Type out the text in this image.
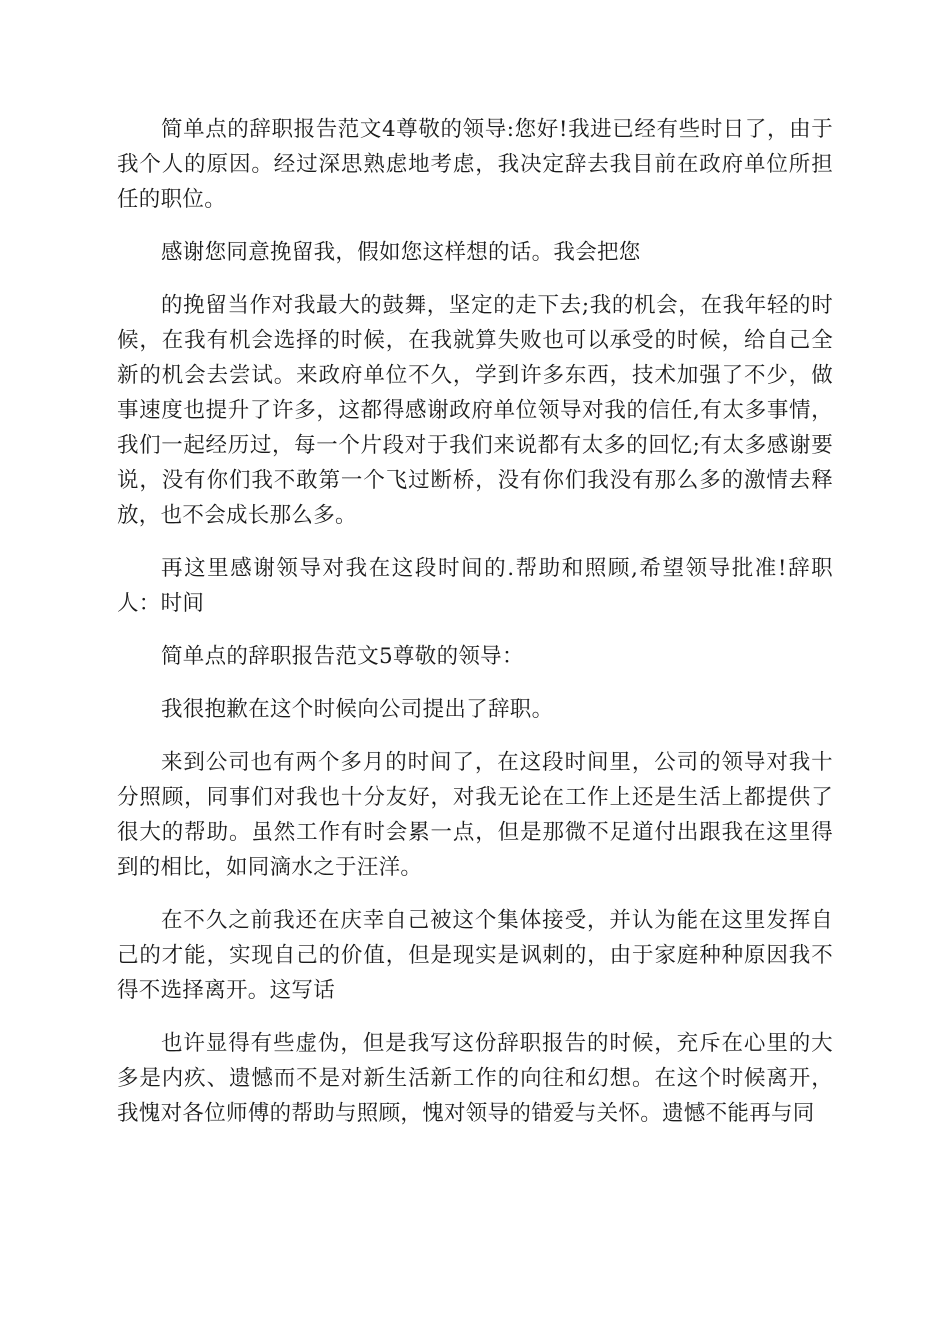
简单点的辞职报告范文4尊敬的领导:您好!我进已经有些时日了，由于我个人的原因。经过深思熟虑地考虑，我决定辞去我目前在政府单位所担任的职位。

感谢您同意挽留我，假如您这样想的话。我会把您

的挽留当作对我最大的鼓舞，坚定的走下去;我的机会，在我年轻的时候，在我有机会选择的时候，在我就算失败也可以承受的时候，给自己全新的机会去尝试。来政府单位不久，学到许多东西，技术加强了不少，做事速度也提升了许多，这都得感谢政府单位领导对我的信任,有太多事情，我们一起经历过，每一个片段对于我们来说都有太多的回忆;有太多感谢要说，没有你们我不敢第一个飞过断桥，没有你们我没有那么多的激情去释放，也不会成长那么多。

再这里感谢领导对我在这段时间的.帮助和照顾,希望领导批准!辞职人：时间

简单点的辞职报告范文5尊敬的领导：

我很抱歉在这个时候向公司提出了辞职。

来到公司也有两个多月的时间了，在这段时间里，公司的领导对我十分照顾，同事们对我也十分友好，对我无论在工作上还是生活上都提供了很大的帮助。虽然工作有时会累一点，但是那微不足道付出跟我在这里得到的相比，如同滴水之于汪洋。

在不久之前我还在庆幸自己被这个集体接受，并认为能在这里发挥自己的才能，实现自己的价值，但是现实是讽刺的，由于家庭种种原因我不得不选择离开。这写话

也许显得有些虚伪，但是我写这份辞职报告的时候，充斥在心里的大多是内疚、遗憾而不是对新生活新工作的向往和幻想。在这个时候离开，我愧对各位师傅的帮助与照顾，愧对领导的错爱与关怀。遗憾不能再与同
